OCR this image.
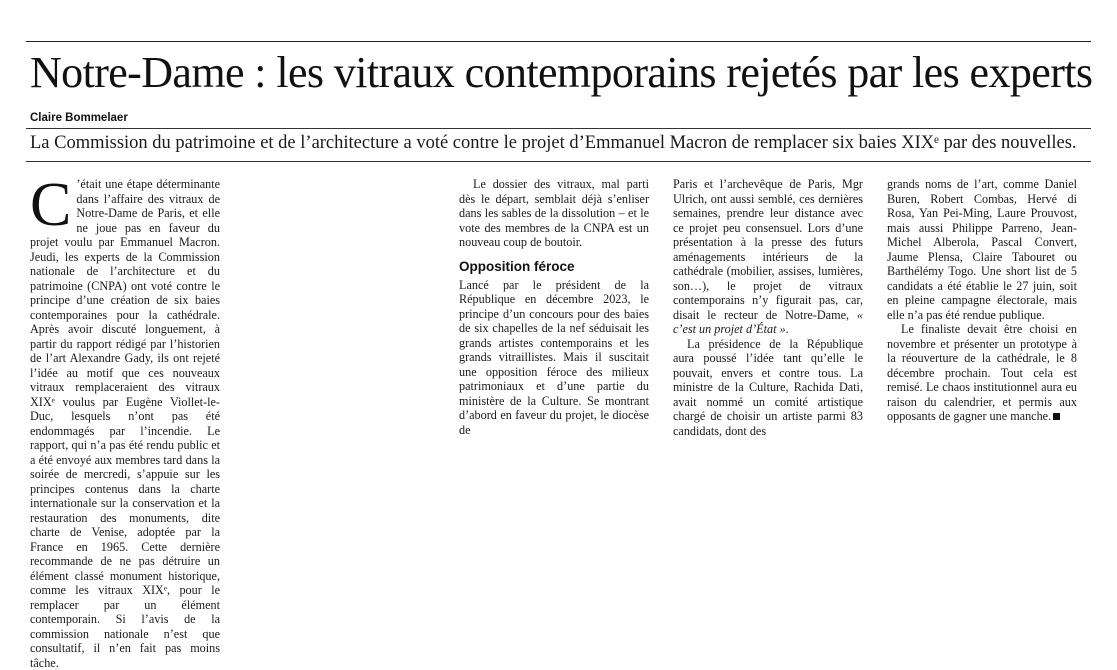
Notre-Dame : les vitraux contemporains rejetés par les experts
Claire Bommelaer
La Commission du patrimoine et de l’architecture a voté contre le projet d’Emmanuel Macron de remplacer six baies XIXᵉ par des nouvelles.

C ’était une étape déterminante dans l’affaire des vitraux de Notre-Dame de Paris, et elle ne joue pas en faveur du projet voulu par Emmanuel Macron. Jeudi, les experts de la Commission nationale de l’architecture et du patrimoine (CNPA) ont voté contre le principe d’une création de six baies contemporaines pour la cathédrale. Après avoir discuté longuement, à partir du rapport rédigé par l’historien de l’art Alexandre Gady, ils ont rejeté l’idée au motif que ces nouveaux vitraux remplaceraient des vitraux XIXᵉ voulus par Eugène Viollet-le-Duc, lesquels n’ont pas été endommagés par l’incendie. Le rapport, qui n’a pas été rendu public et a été envoyé aux membres tard dans la soirée de mercredi, s’appuie sur les principes contenus dans la charte internationale sur la conservation et la restauration des monuments, dite charte de Venise, adoptée par la France en 1965. Cette dernière recommande de ne pas détruire un élément classé monument historique, comme les vitraux XIXᵉ, pour le remplacer par un élément contemporain. Si l’avis de la commission nationale n’est que consultatif, il n’en fait pas moins tâche.

Le dossier des vitraux, mal parti dès le départ, semblait déjà s’enliser dans les sables de la dissolution – et le vote des membres de la CNPA est un nouveau coup de boutoir.

Opposition féroce

Lancé par le président de la République en décembre 2023, le principe d’un concours pour des baies de six chapelles de la nef séduisait les grands artistes contemporains et les grands vitraillistes. Mais il suscitait une opposition féroce des milieux patrimoniaux et d’une partie du ministère de la Culture. Se montrant d’abord en faveur du projet, le diocèse de

Paris et l’archevêque de Paris, Mgr Ulrich, ont aussi semblé, ces dernières semaines, prendre leur distance avec ce projet peu consensuel. Lors d’une présentation à la presse des futurs aménagements intérieurs de la cathédrale (mobilier, assises, lumières, son…), le projet de vitraux contemporains n’y figurait pas, car, disait le recteur de Notre-Dame, « c’est un projet d’État ».

La présidence de la République aura poussé l’idée tant qu’elle le pouvait, envers et contre tous. La ministre de la Culture, Rachida Dati, avait nommé un comité artistique chargé de choisir un artiste parmi 83 candidats, dont des

grands noms de l’art, comme Daniel Buren, Robert Combas, Hervé di Rosa, Yan Pei-Ming, Laure Prouvost, mais aussi Philippe Parreno, Jean-Michel Alberola, Pascal Convert, Jaume Plensa, Claire Tabouret ou Barthélémy Togo. Une short list de 5 candidats a été établie le 27 juin, soit en pleine campagne électorale, mais elle n’a pas été rendue publique.

Le finaliste devait être choisi en novembre et présenter un prototype à la réouverture de la cathédrale, le 8 décembre prochain. Tout cela est remisé. Le chaos institutionnel aura eu raison du calendrier, et permis aux opposants de gagner une manche.
